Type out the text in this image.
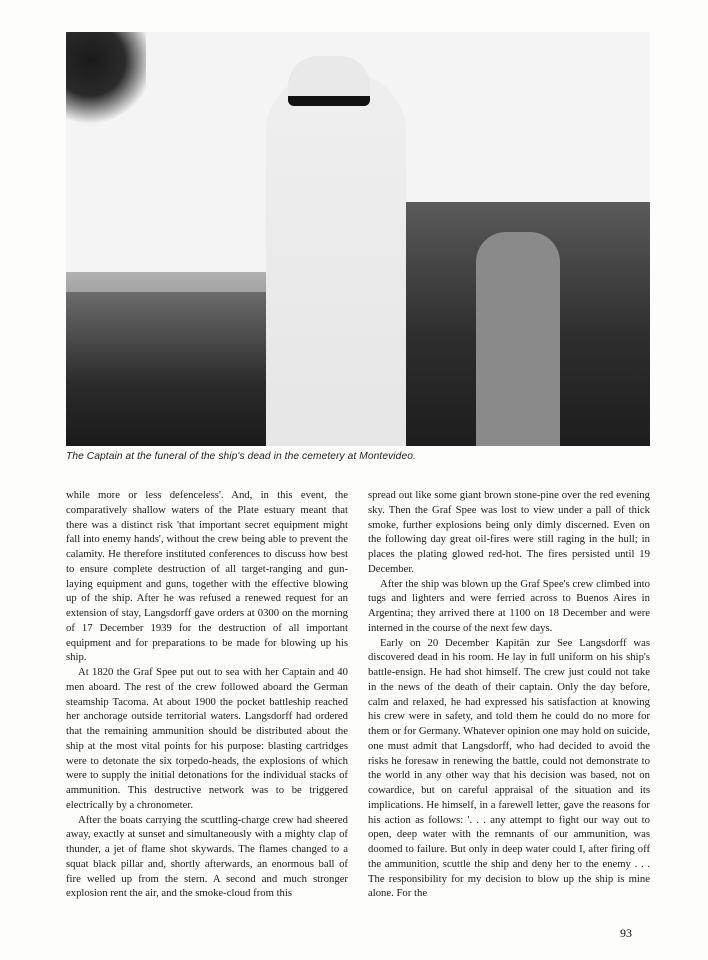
The Captain at the funeral of the ship's dead in the cemetery at Montevideo.

while more or less defenceless'. And, in this event, the comparatively shallow waters of the Plate estuary meant that there was a distinct risk 'that important secret equipment might fall into enemy hands', without the crew being able to prevent the calamity. He therefore instituted conferences to discuss how best to ensure complete destruction of all target-ranging and gun-laying equipment and guns, together with the effective blowing up of the ship. After he was refused a renewed request for an extension of stay, Langsdorff gave orders at 0300 on the morning of 17 December 1939 for the destruction of all important equipment and for preparations to be made for blowing up his ship.

At 1820 the Graf Spee put out to sea with her Captain and 40 men aboard. The rest of the crew followed aboard the German steamship Tacoma. At about 1900 the pocket battleship reached her anchorage outside territorial waters. Langsdorff had ordered that the remaining ammunition should be distributed about the ship at the most vital points for his purpose: blasting cartridges were to detonate the six torpedo-heads, the explosions of which were to supply the initial detonations for the individual stacks of ammunition. This destructive network was to be triggered electrically by a chronometer.

After the boats carrying the scuttling-charge crew had sheered away, exactly at sunset and simultaneously with a mighty clap of thunder, a jet of flame shot skywards. The flames changed to a squat black pillar and, shortly afterwards, an enormous ball of fire welled up from the stern. A second and much stronger explosion rent the air, and the smoke-cloud from this

spread out like some giant brown stone-pine over the red evening sky. Then the Graf Spee was lost to view under a pall of thick smoke, further explosions being only dimly discerned. Even on the following day great oil-fires were still raging in the hull; in places the plating glowed red-hot. The fires persisted until 19 December.

After the ship was blown up the Graf Spee's crew climbed into tugs and lighters and were ferried across to Buenos Aires in Argentina; they arrived there at 1100 on 18 December and were interned in the course of the next few days.

Early on 20 December Kapitän zur See Langsdorff was discovered dead in his room. He lay in full uniform on his ship's battle-ensign. He had shot himself. The crew just could not take in the news of the death of their captain. Only the day before, calm and relaxed, he had expressed his satisfaction at knowing his crew were in safety, and told them he could do no more for them or for Germany. Whatever opinion one may hold on suicide, one must admit that Langsdorff, who had decided to avoid the risks he foresaw in renewing the battle, could not demonstrate to the world in any other way that his decision was based, not on cowardice, but on careful appraisal of the situation and its implications. He himself, in a farewell letter, gave the reasons for his action as follows: '. . . any attempt to fight our way out to open, deep water with the remnants of our ammunition, was doomed to failure. But only in deep water could I, after firing off the ammunition, scuttle the ship and deny her to the enemy . . . The responsibility for my decision to blow up the ship is mine alone. For the

93
